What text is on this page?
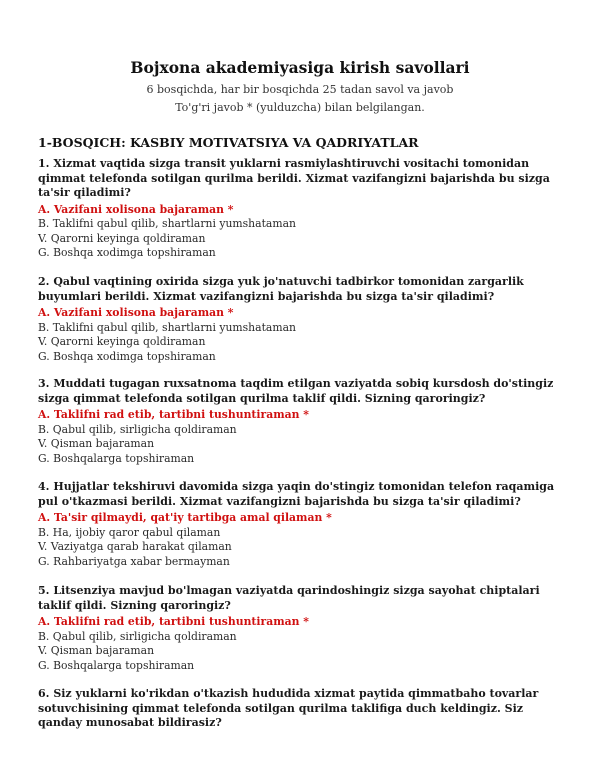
Bojxona akademiyasiga kirish savollari
6 bosqichda, har bir bosqichda 25 tadan savol va javob
To'g'ri javob * (yulduzcha) bilan belgilangan.
1-BOSQICH: KASBIY MOTIVATSIYA VA QADRIYATLAR

1. Xizmat vaqtida sizga transit yuklarni rasmiylashtiruvchi vositachi tomonidan qimmat telefonda sotilgan qurilma berildi. Xizmat vazifangizni bajarishda bu sizga ta'sir qiladimi?

A. Vazifani xolisona bajaraman *

B. Taklifni qabul qilib, shartlarni yumshataman

V. Qarorni keyinga qoldiraman

G. Boshqa xodimga topshiraman

2. Qabul vaqtining oxirida sizga yuk jo'natuvchi tadbirkor tomonidan zargarlik buyumlari berildi. Xizmat vazifangizni bajarishda bu sizga ta'sir qiladimi?

A. Vazifani xolisona bajaraman *

B. Taklifni qabul qilib, shartlarni yumshataman

V. Qarorni keyinga qoldiraman

G. Boshqa xodimga topshiraman

3. Muddati tugagan ruxsatnoma taqdim etilgan vaziyatda sobiq kursdosh do'stingiz sizga qimmat telefonda sotilgan qurilma taklif qildi. Sizning qaroringiz?

A. Taklifni rad etib, tartibni tushuntiraman *

B. Qabul qilib, sirligicha qoldiraman

V. Qisman bajaraman

G. Boshqalarga topshiraman

4. Hujjatlar tekshiruvi davomida sizga yaqin do'stingiz tomonidan telefon raqamiga pul o'tkazmasi berildi. Xizmat vazifangizni bajarishda bu sizga ta'sir qiladimi?

A. Ta'sir qilmaydi, qat'iy tartibga amal qilaman *

B. Ha, ijobiy qaror qabul qilaman

V. Vaziyatga qarab harakat qilaman

G. Rahbariyatga xabar bermayman

5. Litsenziya mavjud bo'lmagan vaziyatda qarindoshingiz sizga sayohat chiptalari taklif qildi. Sizning qaroringiz?

A. Taklifni rad etib, tartibni tushuntiraman *

B. Qabul qilib, sirligicha qoldiraman

V. Qisman bajaraman

G. Boshqalarga topshiraman

6. Siz yuklarni ko'rikdan o'tkazish hududida xizmat paytida qimmatbaho tovarlar sotuvchisining qimmat telefonda sotilgan qurilma taklifiga duch keldingiz. Siz qanday munosabat bildirasiz?
